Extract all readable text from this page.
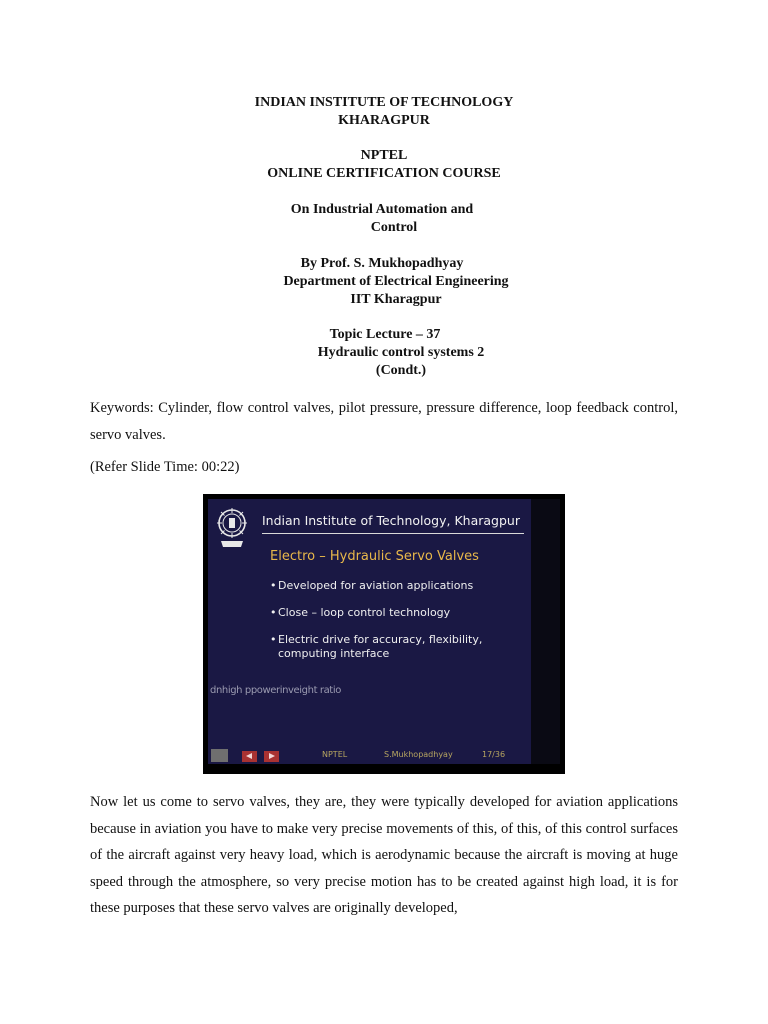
INDIAN INSTITUTE OF TECHNOLOGY
KHARAGPUR
NPTEL
ONLINE CERTIFICATION COURSE
On Industrial Automation and
Control
By Prof. S. Mukhopadhyay
Department of Electrical Engineering
IIT Kharagpur
Topic Lecture – 37
Hydraulic control systems 2
(Condt.)
Keywords: Cylinder, flow control valves, pilot pressure, pressure difference, loop feedback control, servo valves.
(Refer Slide Time: 00:22)
Indian Institute of Technology, Kharagpur
Electro – Hydraulic Servo Valves
• Developed for aviation applications
• Close – loop control technology
• Electric drive for accuracy, flexibility, computing interface
dnhigh ppowerinveight ratio
NPTEL	S.Mukhopadhyay	17/36
Now let us come to servo valves, they are, they were typically developed for aviation applications because in aviation you have to make very precise movements of this, of this, of this control surfaces of the aircraft against very heavy load, which is aerodynamic because the aircraft is moving at huge speed through the atmosphere, so very precise motion has to be created against high load, it is for these purposes that these servo valves are originally developed,
